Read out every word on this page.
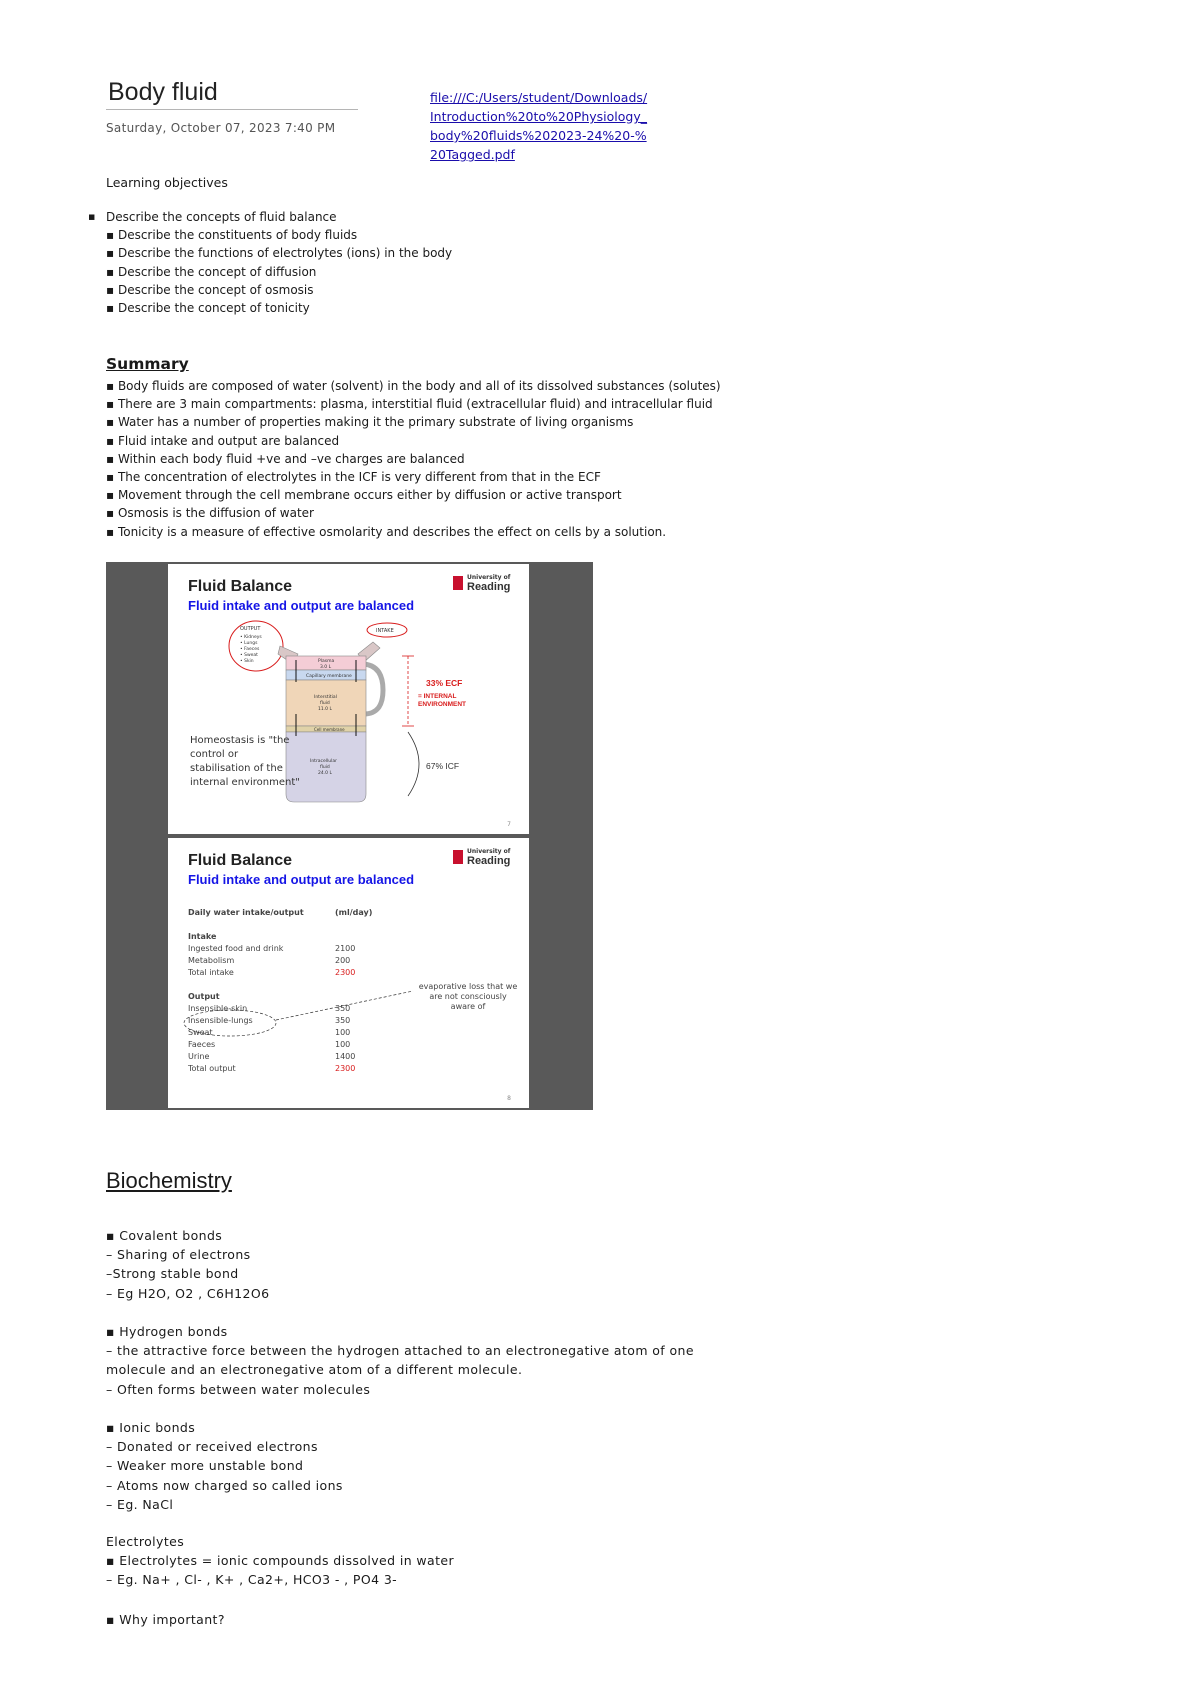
Body fluid
Saturday, October 07, 2023 7:40 PM
file:///C:/Users/student/Downloads/Introduction%20to%20Physiology_body%20fluids%202023-24%20-%20Tagged.pdf
Learning objectives
▪ Describe the concepts of fluid balance
▪ Describe the constituents of body fluids
▪ Describe the functions of electrolytes (ions) in the body
▪ Describe the concept of diffusion
▪ Describe the concept of osmosis
▪ Describe the concept of tonicity
Summary
▪ Body fluids are composed of water (solvent) in the body and all of its dissolved substances (solutes)
▪ There are 3 main compartments: plasma, interstitial fluid (extracellular fluid) and intracellular fluid
▪ Water has a number of properties making it the primary substrate of living organisms
▪ Fluid intake and output are balanced
▪ Within each body fluid +ve and –ve charges are balanced
▪ The concentration of electrolytes in the ICF is very different from that in the ECF
▪ Movement through the cell membrane occurs either by diffusion or active transport
▪ Osmosis is the diffusion of water
▪ Tonicity is a measure of effective osmolarity and describes the effect on cells by a solution.
Fluid Balance
Fluid intake and output are balanced
University of
Reading
OUTPUT
• Kidneys
• Lungs
• Faeces
• Sweat
• Skin
INTAKE
Plasma
3.0 L
Capillary membrane
Interstitial
fluid
11.0 L
Cell membrane
Intracellular
fluid
24.0 L
33% ECF
= INTERNAL
ENVIRONMENT
67% ICF
Homeostasis is "the control or stabilisation of the internal environment"
7
Fluid Balance
Fluid intake and output are balanced
University of
Reading
Daily water intake/output	(ml/day)
Intake
Ingested food and drink	2100
Metabolism	200
Total intake	2300
Output
Insensible-skin	350
Insensible-lungs	350
Sweat	100
Faeces	100
Urine	1400
Total output	2300
evaporative loss that we are not consciously aware of
8
Biochemistry
▪ Covalent bonds
– Sharing of electrons
–Strong stable bond
– Eg H2O, O2 , C6H12O6
▪ Hydrogen bonds
– the attractive force between the hydrogen attached to an electronegative atom of one
molecule and an electronegative atom of a different molecule.
– Often forms between water molecules
▪ Ionic bonds
– Donated or received electrons
– Weaker more unstable bond
– Atoms now charged so called ions
– Eg. NaCl
Electrolytes
▪ Electrolytes = ionic compounds dissolved in water
– Eg. Na+ , Cl- , K+ , Ca2+, HCO3 - , PO4 3-
▪ Why important?
